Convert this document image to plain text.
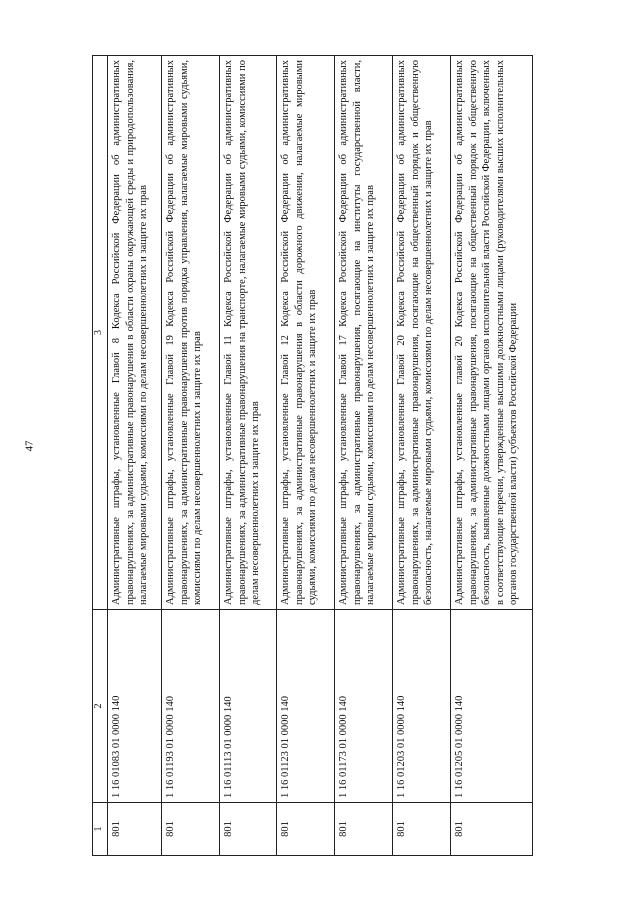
47
1	2	3
801	1 16 01083 01 0000 140	Административные штрафы, установленные Главой 8 Кодекса Российской Федерации об административных правонарушениях, за административные правонарушения в области охраны окружающей среды и природопользования, налагаемые мировыми судьями, комиссиями по делам несовершеннолетних и защите их прав
801	1 16 01193 01 0000 140	Административные штрафы, установленные Главой 19 Кодекса Российской Федерации об административных правонарушениях, за административные правонарушения против порядка управления, налагаемые мировыми судьями, комиссиями по делам несовершеннолетних и защите их прав
801	1 16 01113 01 0000 140	Административные штрафы, установленные Главой 11 Кодекса Российской Федерации об административных правонарушениях, за административные правонарушения на транспорте, налагаемые мировыми судьями, комиссиями по делам несовершеннолетних и защите их прав
801	1 16 01123 01 0000 140	Административные штрафы, установленные Главой 12 Кодекса Российской Федерации об административных правонарушениях, за административные правонарушения в области дорожного движения, налагаемые мировыми судьями, комиссиями по делам несовершеннолетних и защите их прав
801	1 16 01173 01 0000 140	Административные штрафы, установленные Главой 17 Кодекса Российской Федерации об административных правонарушениях, за административные правонарушения, посягающие на институты государственной власти, налагаемые мировыми судьями, комиссиями по делам несовершеннолетних и защите их прав
801	1 16 01203 01 0000 140	Административные штрафы, установленные Главой 20 Кодекса Российской Федерации об административных правонарушениях, за административные правонарушения, посягающие на общественный порядок и общественную безопасность, налагаемые мировыми судьями, комиссиями по делам несовершеннолетних и защите их прав
801	1 16 01205 01 0000 140	Административные штрафы, установленные главой 20 Кодекса Российской Федерации об административных правонарушениях, за административные правонарушения, посягающие на общественный порядок и общественную безопасность, выявленные должностными лицами органов исполнительной власти Российской Федерации, включенных в соответствующие перечни, утвержденные высшими должностными лицами (руководителями высших исполнительных органов государственной власти) субъектов Российской Федерации
